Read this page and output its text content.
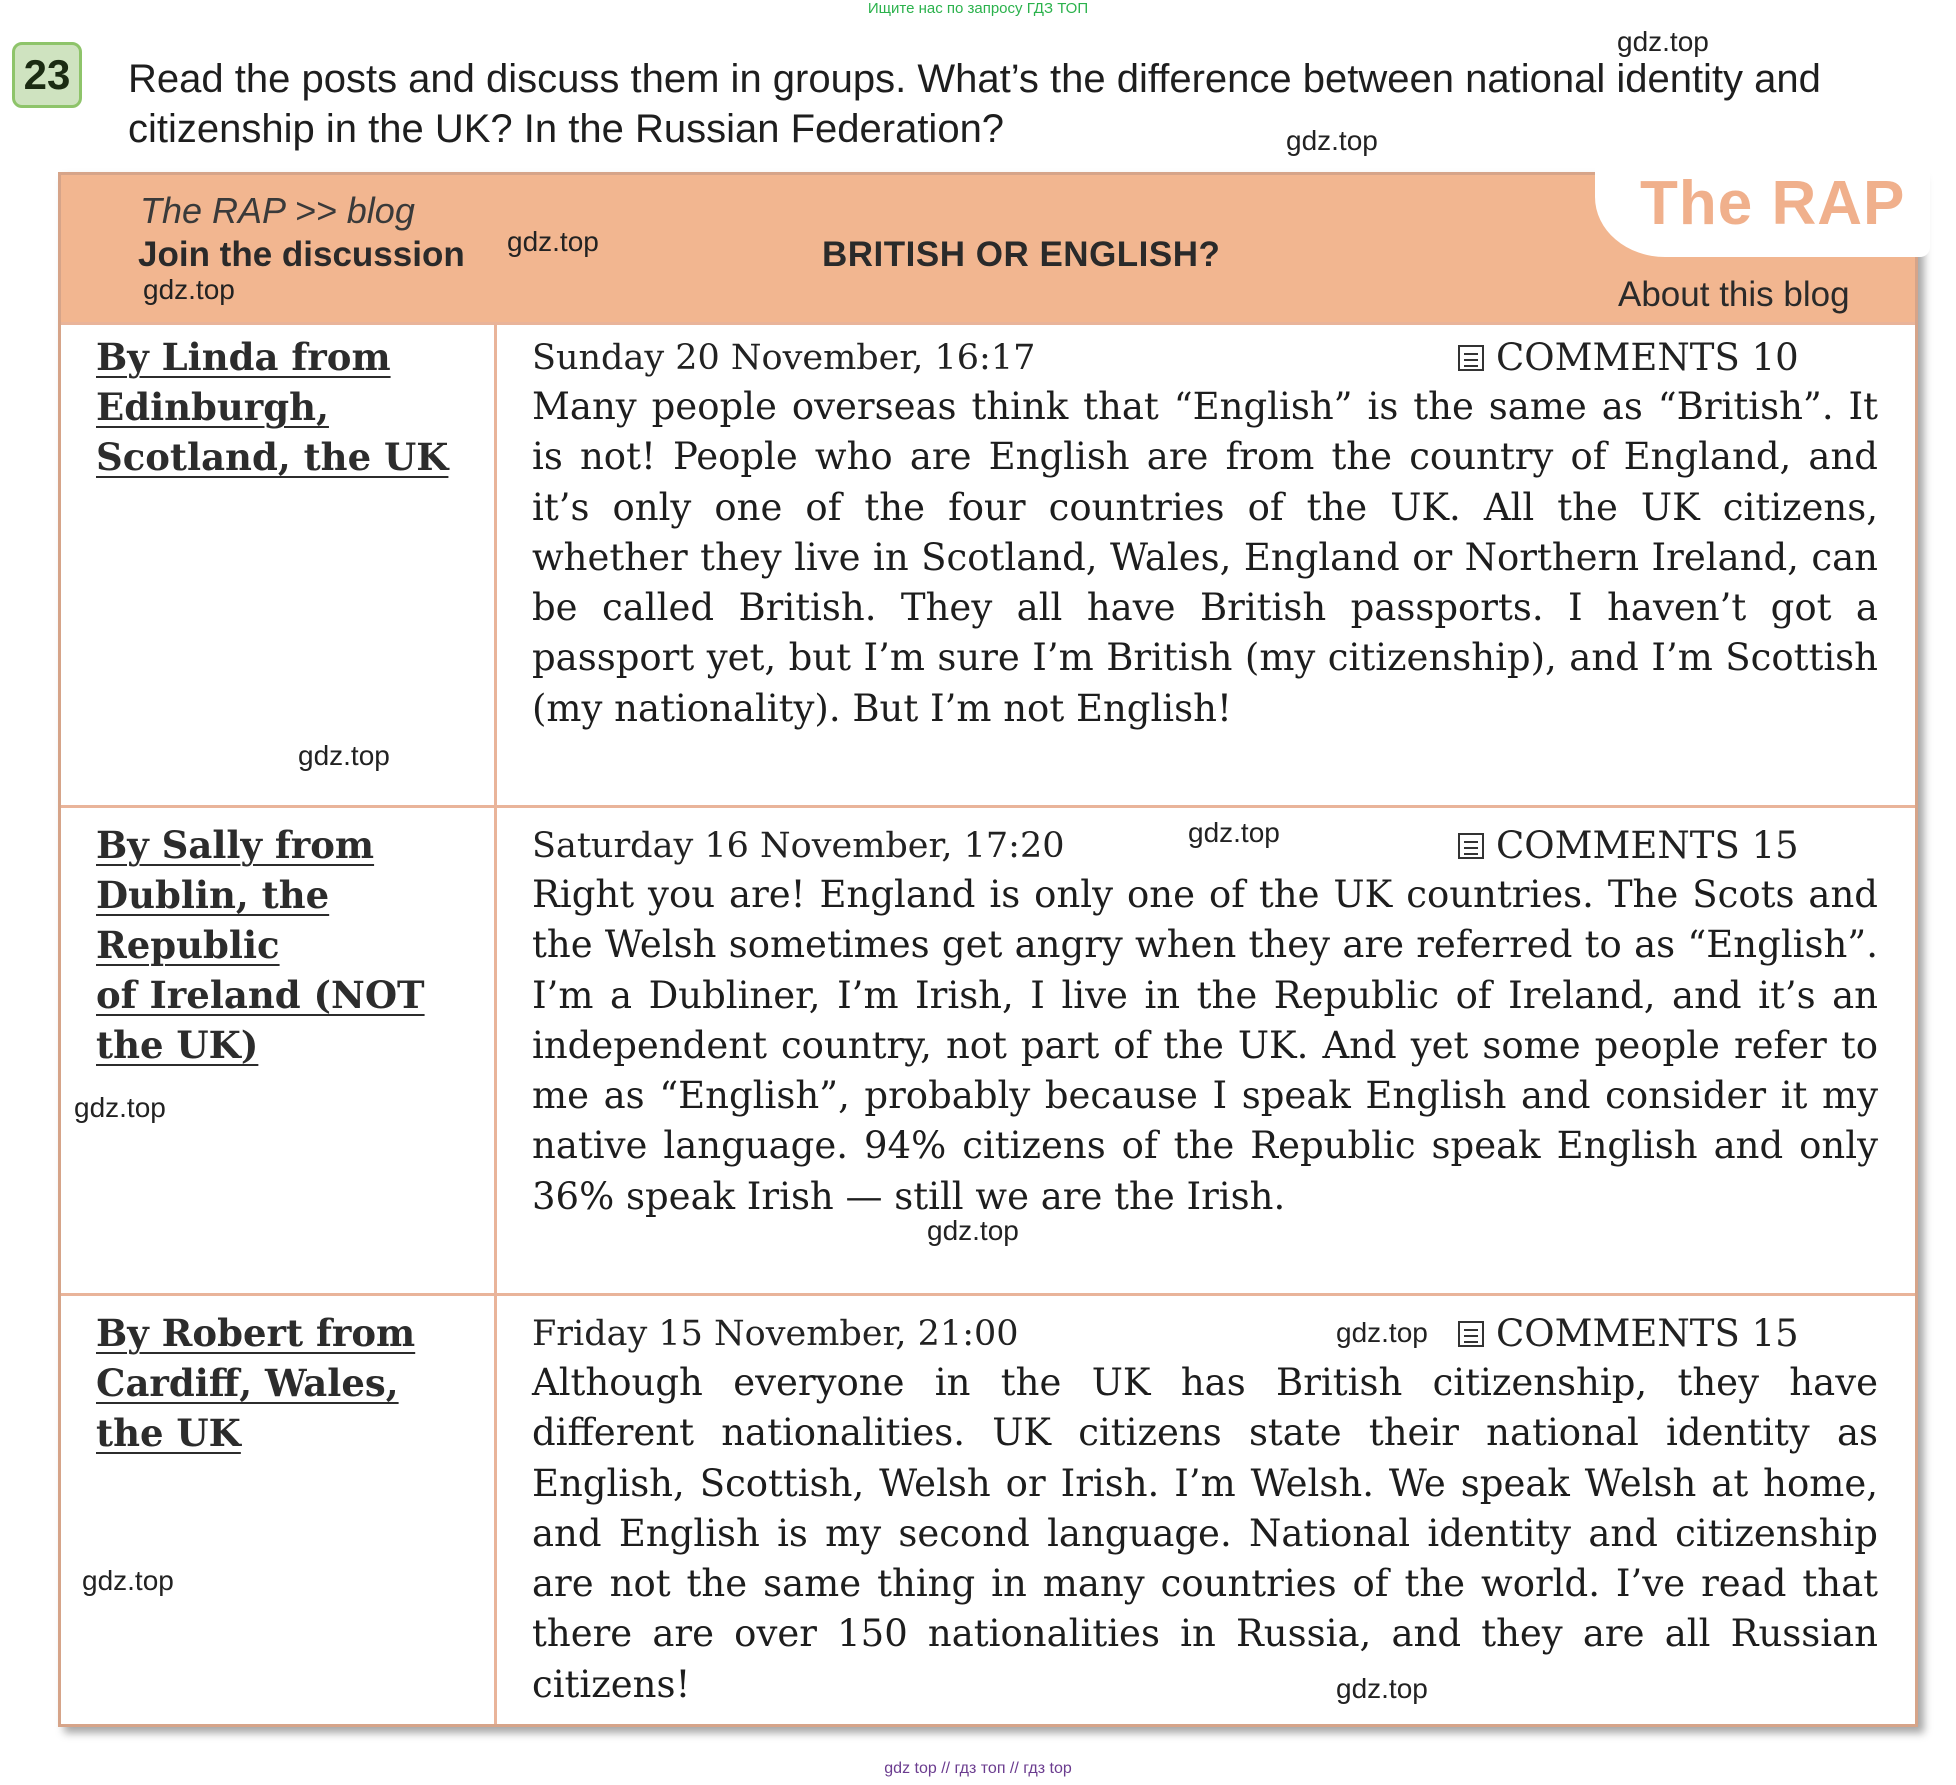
Ищите нас по запросу ГДЗ ТОП
23 Read the posts and discuss them in groups. What’s the difference between national identity and citizenship in the UK? In the Russian Federation?
The RAP
The RAP >> blog
Join the discussion	BRITISH OR ENGLISH?
About this blog
By Linda from
Edinburgh,
Scotland, the UK
Sunday 20 November, 16:17	COMMENTS 10
Many people overseas think that “English” is the same as “British”. It is not! People who are English are from the country of England, and it’s only one of the four countries of the UK. All the UK citizens, whether they live in Scotland, Wales, England or Northern Ireland, can be called British. They all have British passports. I haven’t got a passport yet, but I’m sure I’m British (my citizenship), and I’m Scottish (my nationality). But I’m not English!
By Sally from
Dublin, the
Republic
of Ireland (NOT
the UK)
Saturday 16 November, 17:20	COMMENTS 15
Right you are! England is only one of the UK countries. The Scots and the Welsh sometimes get angry when they are referred to as “English”. I’m a Dubliner, I’m Irish, I live in the Republic of Ireland, and it’s an independent country, not part of the UK. And yet some people refer to me as “English”, probably because I speak English and consider it my native language. 94% citizens of the Republic speak English and only 36% speak Irish — still we are the Irish.
By Robert from
Cardiff, Wales,
the UK
Friday 15 November, 21:00	COMMENTS 15
Although everyone in the UK has British citizenship, they have different nationalities. UK citizens state their national identity as English, Scottish, Welsh or Irish. I’m Welsh. We speak Welsh at home, and English is my second language. National identity and citizenship are not the same thing in many countries of the world. I’ve read that there are over 150 nationalities in Russia, and they are all Russian citizens!
gdz.top
gdz.top
gdz.top
gdz.top
gdz.top
gdz.top
gdz.top
gdz.top
gdz.top
gdz.top
gdz.top
gdz top // гдз топ // гдз top
